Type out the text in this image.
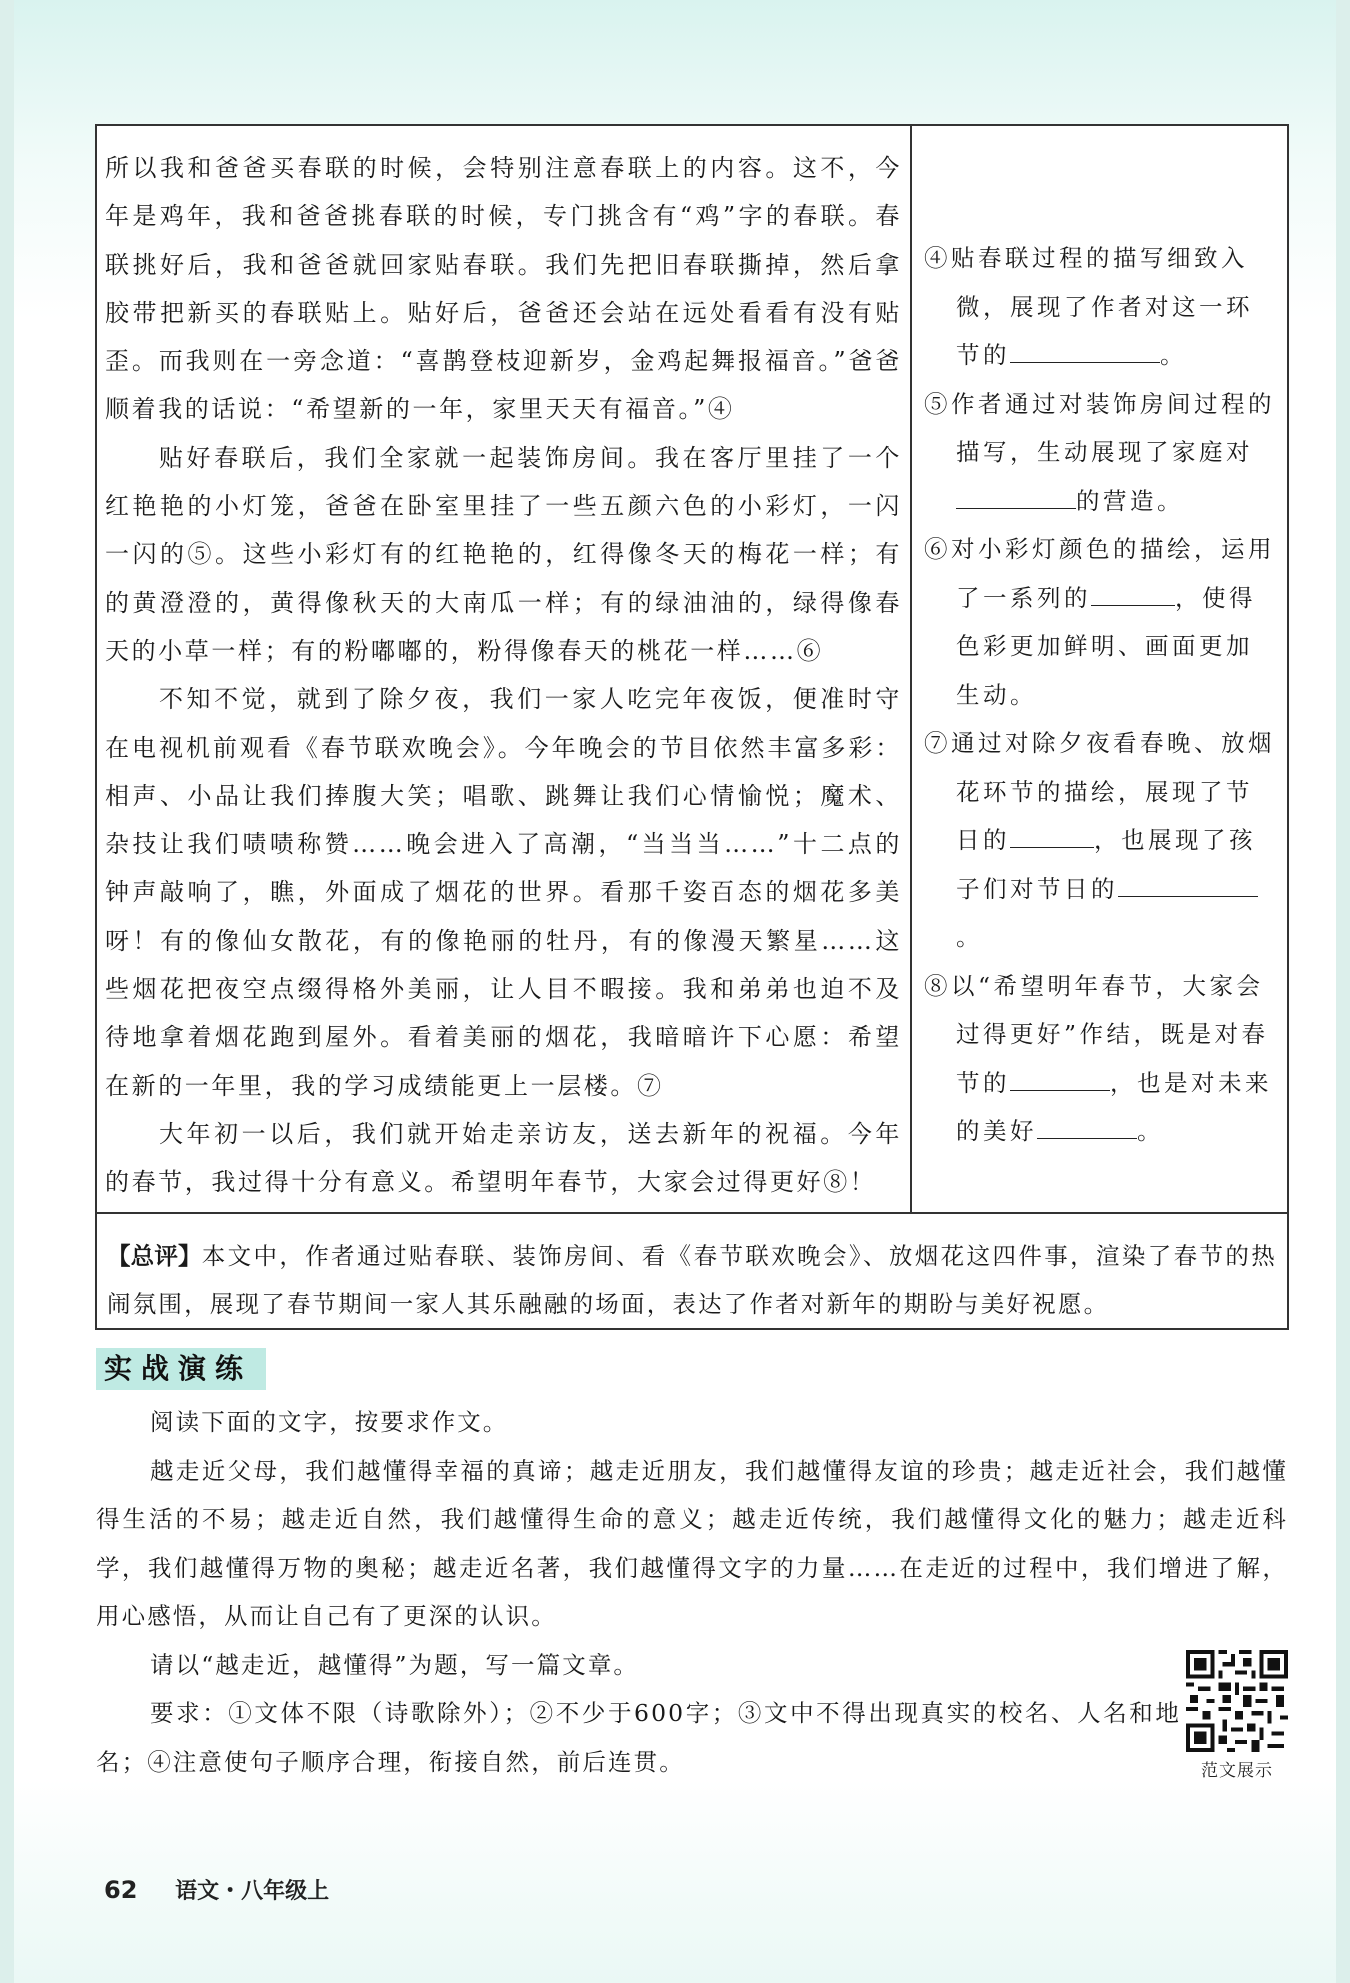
所以我和爸爸买春联的时候，会特别注意春联上的内容。这不，今年是鸡年，我和爸爸挑春联的时候，专门挑含有“鸡”字的春联。春联挑好后，我和爸爸就回家贴春联。我们先把旧春联撕掉，然后拿胶带把新买的春联贴上。贴好后，爸爸还会站在远处看看有没有贴歪。而我则在一旁念道：“喜鹊登枝迎新岁，金鸡起舞报福音。”爸爸顺着我的话说：“希望新的一年，家里天天有福音。”④

贴好春联后，我们全家就一起装饰房间。我在客厅里挂了一个红艳艳的小灯笼，爸爸在卧室里挂了一些五颜六色的小彩灯，一闪一闪的⑤。这些小彩灯有的红艳艳的，红得像冬天的梅花一样；有的黄澄澄的，黄得像秋天的大南瓜一样；有的绿油油的，绿得像春天的小草一样；有的粉嘟嘟的，粉得像春天的桃花一样……⑥

不知不觉，就到了除夕夜，我们一家人吃完年夜饭，便准时守在电视机前观看《春节联欢晚会》。今年晚会的节目依然丰富多彩：相声、小品让我们捧腹大笑；唱歌、跳舞让我们心情愉悦；魔术、杂技让我们啧啧称赞……晚会进入了高潮，“当当当……”十二点的钟声敲响了，瞧，外面成了烟花的世界。看那千姿百态的烟花多美呀！有的像仙女散花，有的像艳丽的牡丹，有的像漫天繁星……这些烟花把夜空点缀得格外美丽，让人目不暇接。我和弟弟也迫不及待地拿着烟花跑到屋外。看着美丽的烟花，我暗暗许下心愿：希望在新的一年里，我的学习成绩能更上一层楼。⑦

大年初一以后，我们就开始走亲访友，送去新年的祝福。今年的春节，我过得十分有意义。希望明年春节，大家会过得更好⑧！

④贴春联过程的描写细致入微，展现了作者对这一环节的	。

⑤作者通过对装饰房间过程的描写，生动展现了家庭对
的营造。

⑥对小彩灯颜色的描绘，运用了一系列的	，使得色彩更加鲜明、画面更加生动。

⑦通过对除夕夜看春晚、放烟花环节的描绘，展现了节日的	，也展现了孩子们对节日的。

⑧以“希望明年春节，大家会过得更好”作结，既是对春节的	，也是对未来的美好	。

【总评】本文中，作者通过贴春联、装饰房间、看《春节联欢晚会》、放烟花这四件事，渲染了春节的热闹氛围，展现了春节期间一家人其乐融融的场面，表达了作者对新年的期盼与美好祝愿。

实战演练

阅读下面的文字，按要求作文。

越走近父母，我们越懂得幸福的真谛；越走近朋友，我们越懂得友谊的珍贵；越走近社会，我们越懂得生活的不易；越走近自然，我们越懂得生命的意义；越走近传统，我们越懂得文化的魅力；越走近科学，我们越懂得万物的奥秘；越走近名著，我们越懂得文字的力量……在走近的过程中，我们增进了解，用心感悟，从而让自己有了更深的认识。

请以“越走近，越懂得”为题，写一篇文章。

要求：①文体不限（诗歌除外）；②不少于600字；③文中不得出现真实的校名、人名和地名；④注意使句子顺序合理，衔接自然，前后连贯。	范文展示
62 语文・八年级上
